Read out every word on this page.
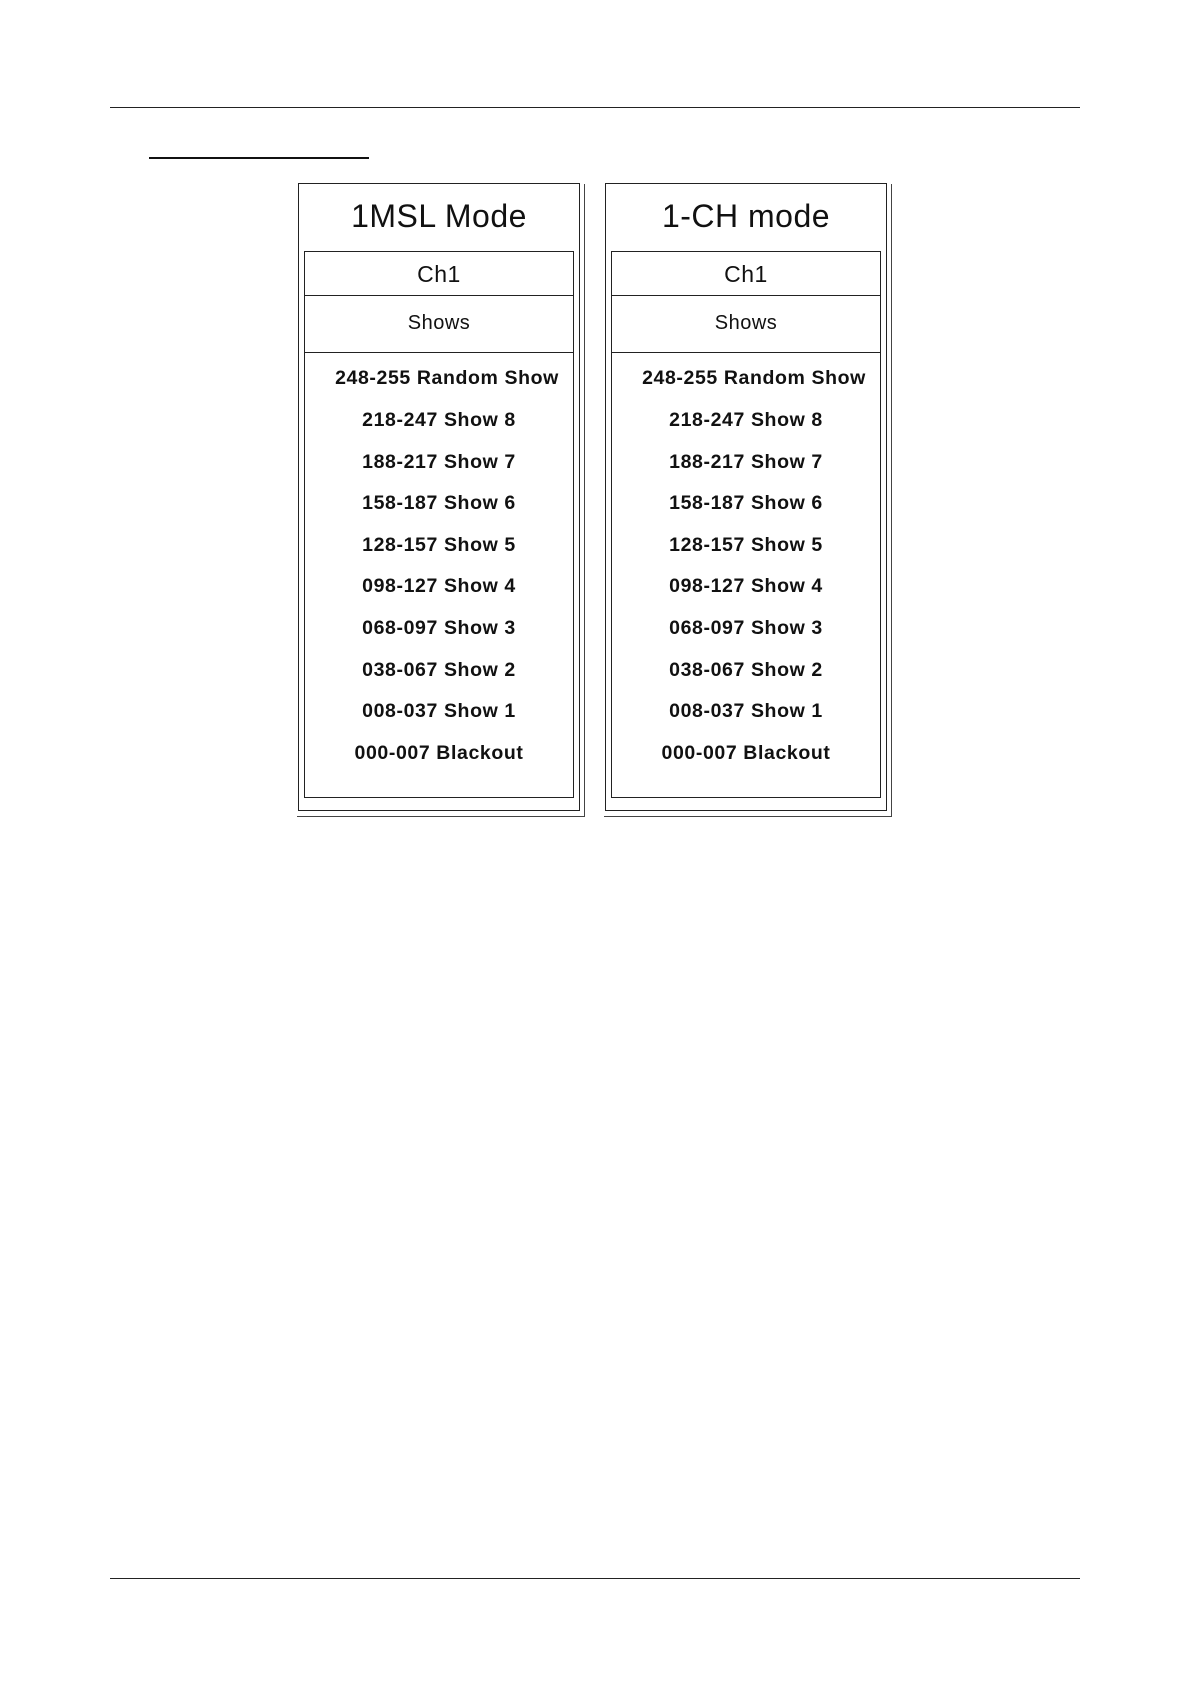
1MSL Mode
Ch1
Shows
248-255 Random Show
218-247 Show 8
188-217 Show 7
158-187 Show 6
128-157 Show 5
098-127 Show 4
068-097 Show 3
038-067 Show 2
008-037 Show 1
000-007 Blackout
1-CH mode
Ch1
Shows
248-255 Random Show
218-247 Show 8
188-217 Show 7
158-187 Show 6
128-157 Show 5
098-127 Show 4
068-097 Show 3
038-067 Show 2
008-037 Show 1
000-007 Blackout
